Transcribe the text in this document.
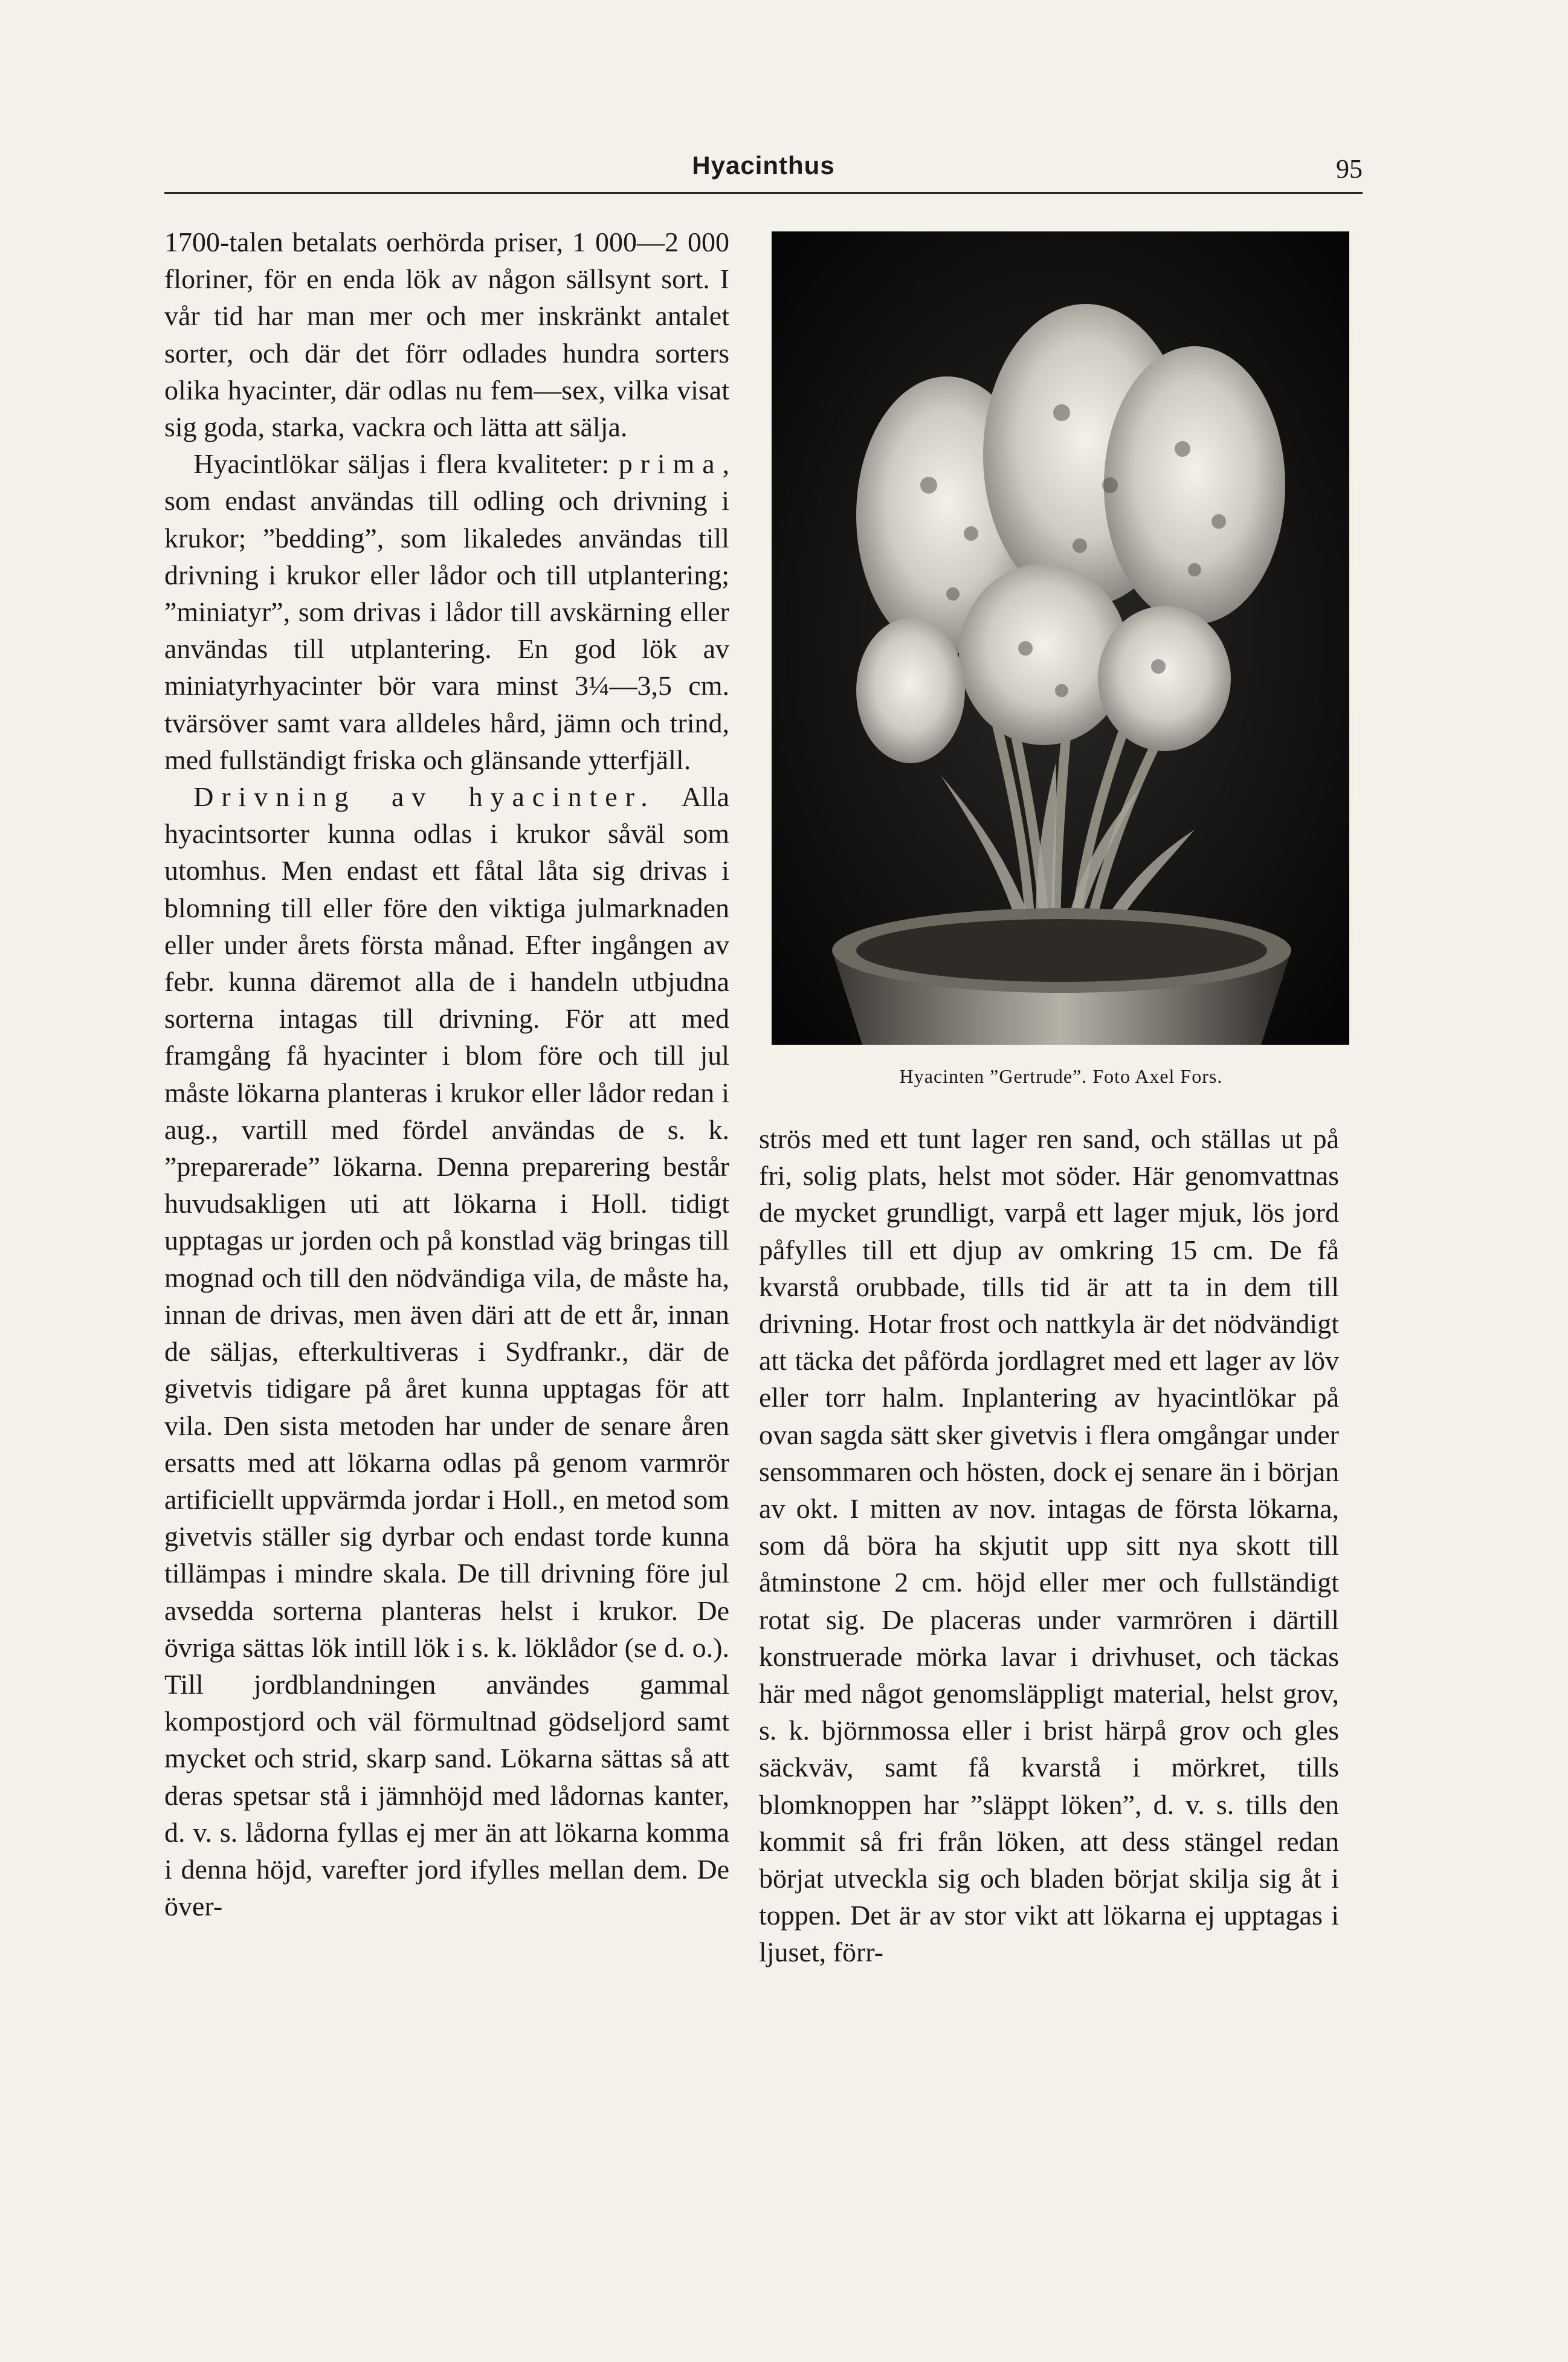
Hyacinthus	95

1700-talen betalats oerhörda priser, 1 000—2 000 floriner, för en enda lök av någon sällsynt sort. I vår tid har man mer och mer inskränkt antalet sorter, och där det förr odlades hundra sorters olika hyacinter, där odlas nu fem—sex, vilka visat sig goda, starka, vackra och lätta att sälja.

Hyacintlökar säljas i flera kvaliteter: prima, som endast användas till odling och drivning i krukor; ”bedding”, som likaledes användas till drivning i krukor eller lådor och till utplantering; ”miniatyr”, som drivas i lådor till avskärning eller användas till utplantering. En god lök av miniatyrhyacinter bör vara minst 3¼—3,5 cm. tvärsöver samt vara alldeles hård, jämn och trind, med fullständigt friska och glänsande ytterfjäll.

Drivning av hyacinter. Alla hyacintsorter kunna odlas i krukor såväl som utomhus. Men endast ett fåtal låta sig drivas i blomning till eller före den viktiga julmarknaden eller under årets första månad. Efter ingången av febr. kunna däremot alla de i handeln utbjudna sorterna intagas till drivning. För att med framgång få hyacinter i blom före och till jul måste lökarna planteras i krukor eller lådor redan i aug., vartill med fördel användas de s. k. ”preparerade” lökarna. Denna preparering består huvudsakligen uti att lökarna i Holl. tidigt upptagas ur jorden och på konstlad väg bringas till mognad och till den nödvändiga vila, de måste ha, innan de drivas, men även däri att de ett år, innan de säljas, efterkultiveras i Sydfrankr., där de givetvis tidigare på året kunna upptagas för att vila. Den sista metoden har under de senare åren ersatts med att lökarna odlas på genom varmrör artificiellt uppvärmda jordar i Holl., en metod som givetvis ställer sig dyrbar och endast torde kunna tillämpas i mindre skala. De till drivning före jul avsedda sorterna planteras helst i krukor. De övriga sättas lök intill lök i s. k. löklådor (se d. o.). Till jordblandningen användes gammal kompostjord och väl förmultnad gödseljord samt mycket och strid, skarp sand. Lökarna sättas så att deras spetsar stå i jämnhöjd med lådornas kanter, d. v. s. lådorna fyllas ej mer än att lökarna komma i denna höjd, varefter jord ifylles mellan dem. De över-

Hyacinten ”Gertrude”. Foto Axel Fors.

strös med ett tunt lager ren sand, och ställas ut på fri, solig plats, helst mot söder. Här genomvattnas de mycket grundligt, varpå ett lager mjuk, lös jord påfylles till ett djup av omkring 15 cm. De få kvarstå orubbade, tills tid är att ta in dem till drivning. Hotar frost och nattkyla är det nödvändigt att täcka det påförda jordlagret med ett lager av löv eller torr halm. Inplantering av hyacintlökar på ovan sagda sätt sker givetvis i flera omgångar under sensommaren och hösten, dock ej senare än i början av okt. I mitten av nov. intagas de första lökarna, som då böra ha skjutit upp sitt nya skott till åtminstone 2 cm. höjd eller mer och fullständigt rotat sig. De placeras under varmrören i därtill konstruerade mörka lavar i drivhuset, och täckas här med något genomsläppligt material, helst grov, s. k. björnmossa eller i brist härpå grov och gles säckväv, samt få kvarstå i mörkret, tills blomknoppen har ”släppt löken”, d. v. s. tills den kommit så fri från löken, att dess stängel redan börjat utveckla sig och bladen börjat skilja sig åt i toppen. Det är av stor vikt att lökarna ej upptagas i ljuset, förr-
